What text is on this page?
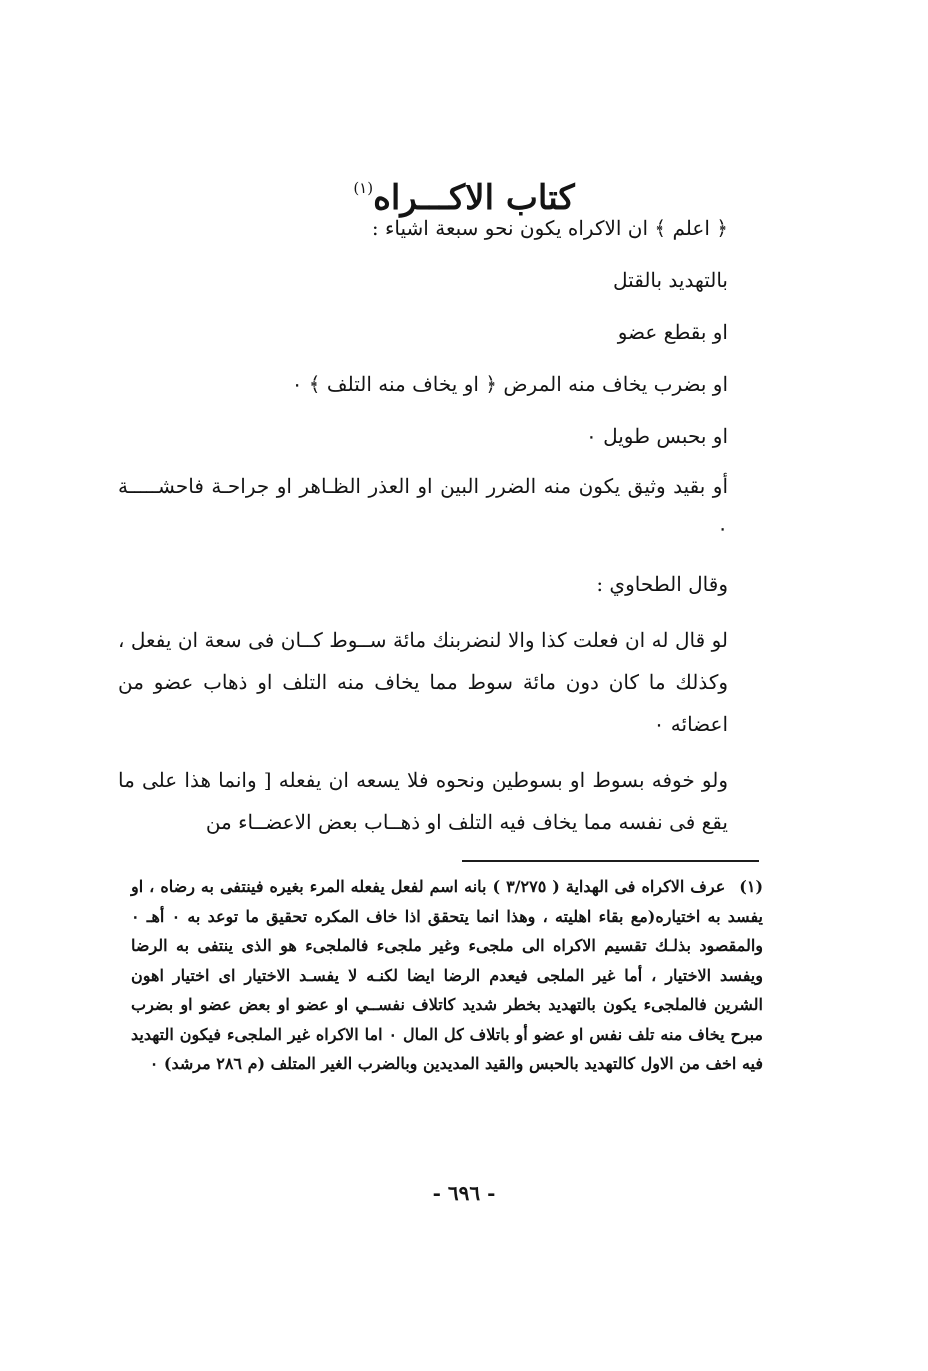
كتاب الاكـــراه$^{(١)}$

﴿ اعلم ﴾ ان الاكراه يكون نحو سبعة اشياء :

بالتهديد بالقتل

او بقطع عضو

او بضرب يخاف منه المرض ﴿ او يخاف منه التلف ﴾ ٠

او بحبس طويل ٠

أو بقيد وثيق يكون منه الضرر البين او العذر الظـاهر او جراحـة فاحشـــــة ٠

وقال الطحاوي :

لو قال له ان فعلت كذا والا لنضربنك مائة ســوط كــان فى سعة ان يفعل ، وكذلك ما كان دون مائة سوط مما يخاف منه التلف او ذهاب عضو من اعضائه ٠

ولو خوفه بسوط او بسوطين ونحوه فلا يسعه ان يفعله [ وانما هذا على ما يقع فى نفسه مما يخاف فيه التلف او ذهــاب بعض الاعضــاء من

(١)عرف الاكراه فى الهداية ( ٣/٢٧٥ ) بانه اسم لفعل يفعله المرء بغيره فينتفى به رضاه ، او يفسد به اختياره(مع بقاء اهليته ، وهذا انما يتحقق اذا خاف المكره تحقيق ما توعد به ٠ أهـ ٠ والمقصود بذلـك تقسيم الاكراه الى ملجىء وغير ملجىء فالملجىء هو الذى ينتفى به الرضا ويفسد الاختيار ، أما غير الملجى فيعدم الرضا ايضا لكنـه لا يفسـد الاختيار اى اختيار اهون الشرين فالملجىء يكون بالتهديد بخطر شديد كاتلاف نفســي او عضو او بعض عضو او بضرب مبرح يخاف منه تلف نفس او عضو أو باتلاف كل المال ٠ اما الاكراه غير الملجىء فيكون التهديد فيه اخف من الاول كالتهديد بالحبس والقيد المديدين وبالضرب الغير المتلف (م ٢٨٦ مرشد) ٠
- ٦٩٦ -
